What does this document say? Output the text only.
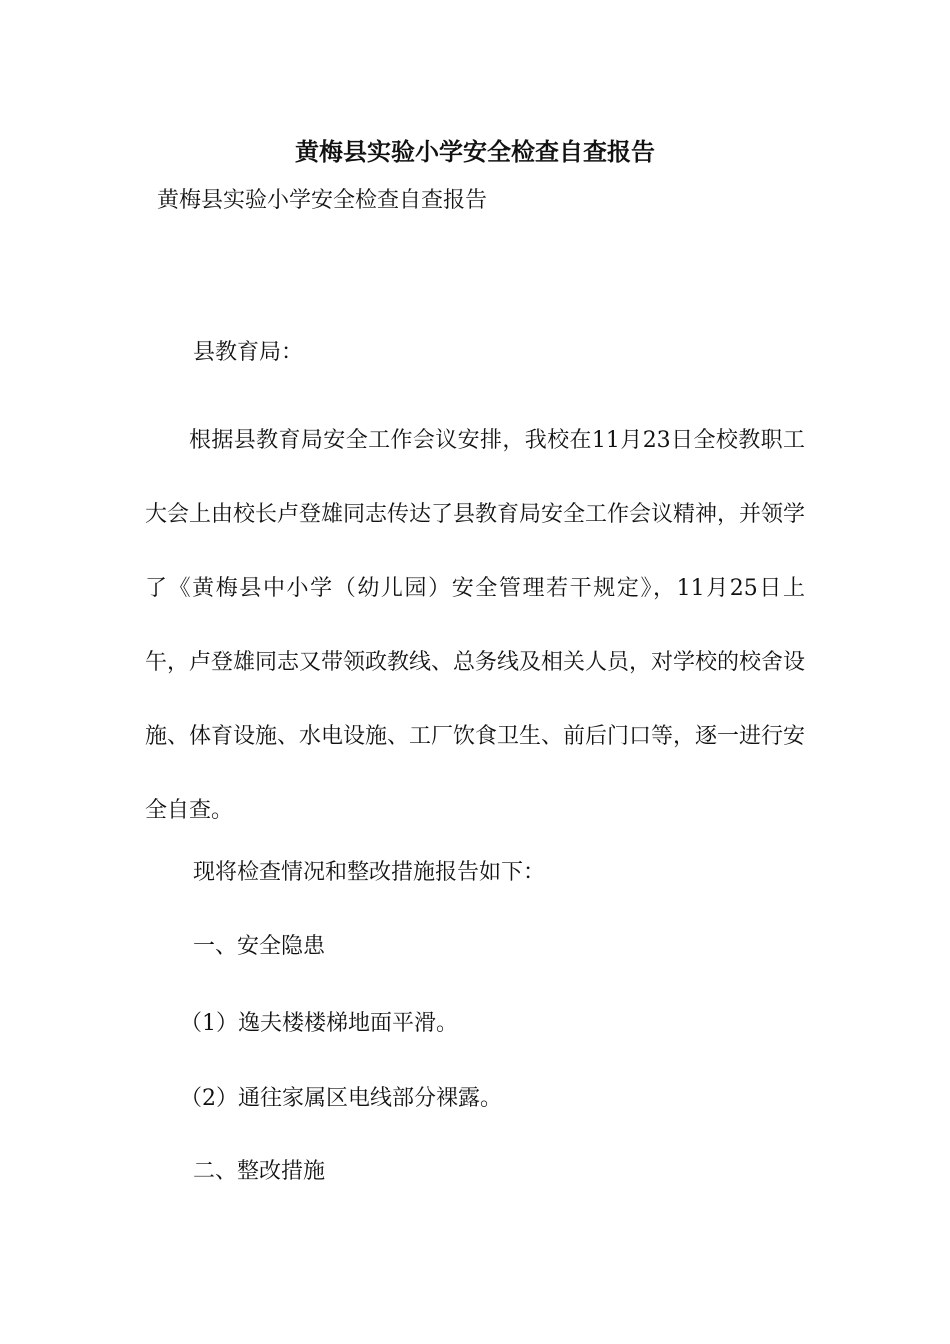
黄梅县实验小学安全检查自查报告

黄梅县实验小学安全检查自查报告

县教育局：

根据县教育局安全工作会议安排，我校在11月23日全校教职工大会上由校长卢登雄同志传达了县教育局安全工作会议精神，并领学了《黄梅县中小学（幼儿园）安全管理若干规定》，11月25日上午，卢登雄同志又带领政教线、总务线及相关人员，对学校的校舍设施、体育设施、水电设施、工厂饮食卫生、前后门口等，逐一进行安全自查。

现将检查情况和整改措施报告如下：

一、安全隐患

（1）逸夫楼楼梯地面平滑。

（2）通往家属区电线部分裸露。

二、整改措施
